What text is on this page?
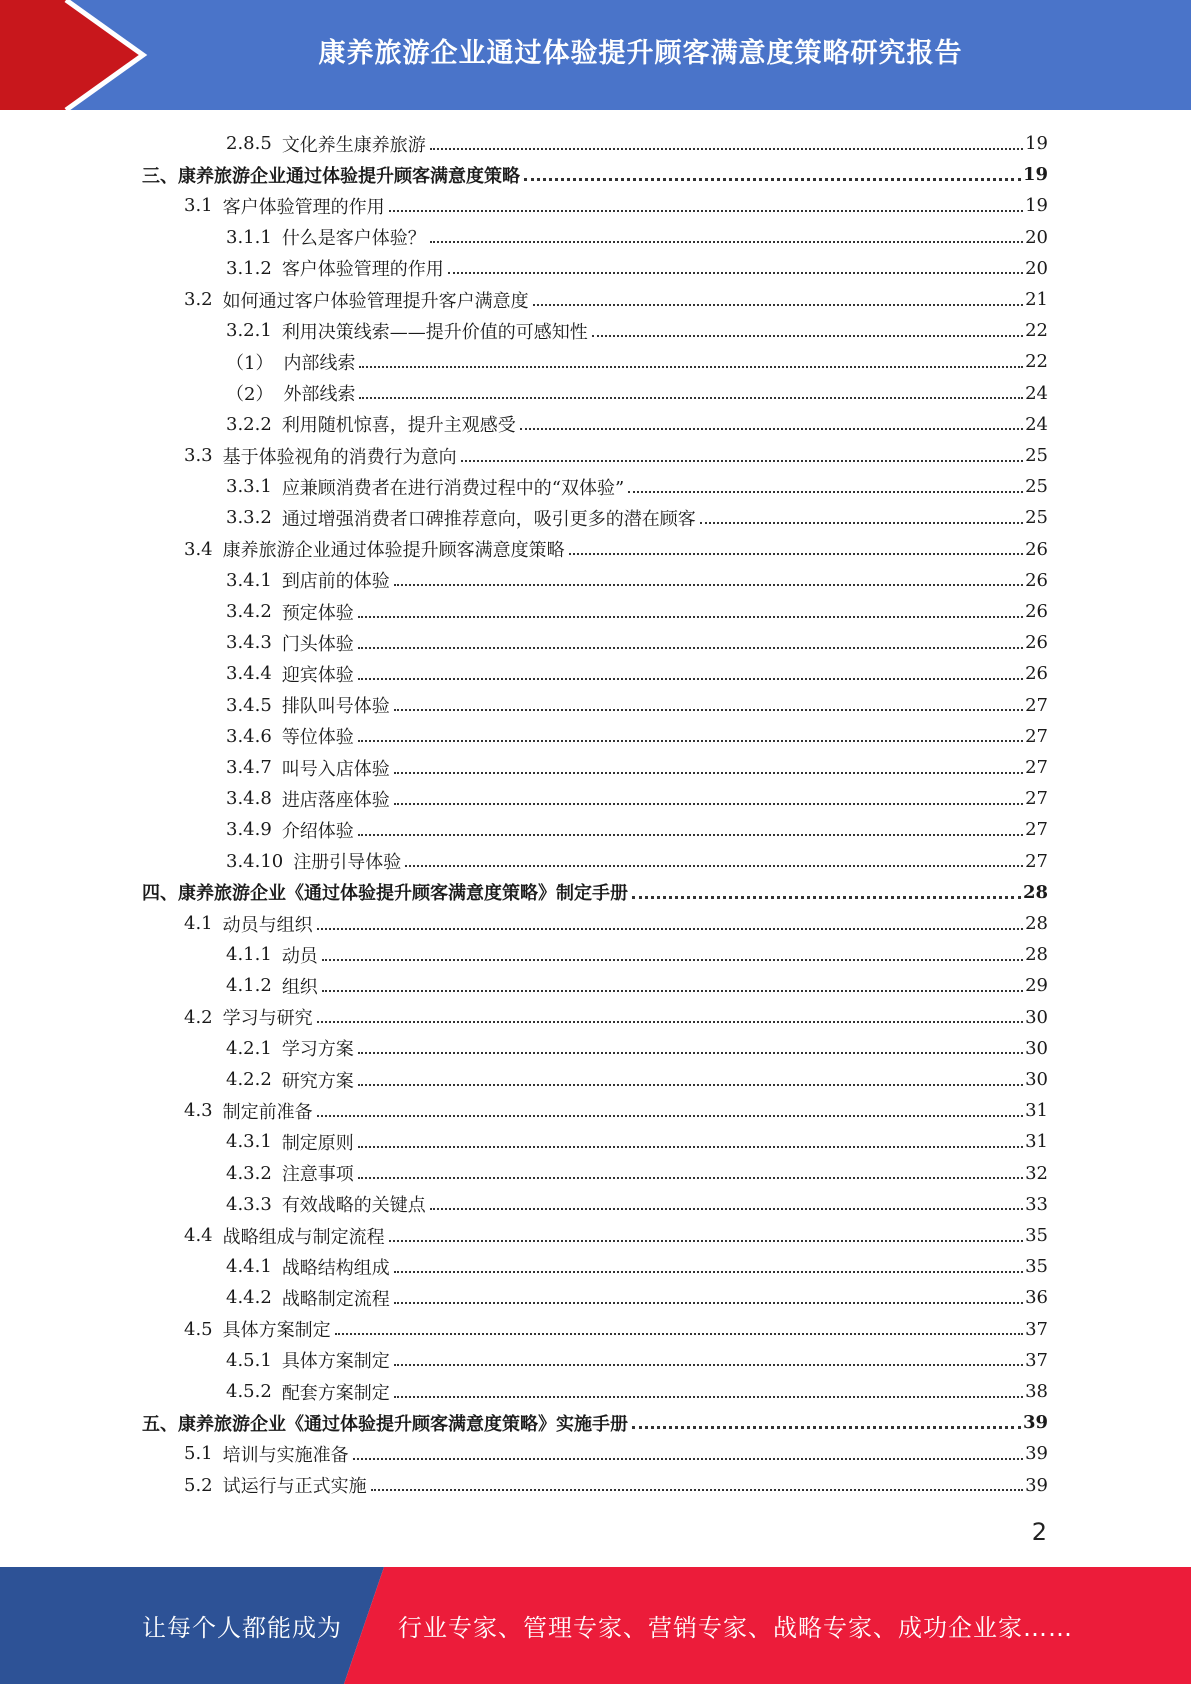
康养旅游企业通过体验提升顾客满意度策略研究报告
2.8.5 文化养生康养旅游	19
三、康养旅游企业通过体验提升顾客满意度策略	19
3.1 客户体验管理的作用	19
3.1.1 什么是客户体验？	20
3.1.2 客户体验管理的作用	20
3.2 如何通过客户体验管理提升客户满意度	21
3.2.1 利用决策线索——提升价值的可感知性	22
（1） 内部线索	22
（2） 外部线索	24
3.2.2 利用随机惊喜，提升主观感受	24
3.3 基于体验视角的消费行为意向	25
3.3.1 应兼顾消费者在进行消费过程中的“双体验”	25
3.3.2 通过增强消费者口碑推荐意向，吸引更多的潜在顾客	25
3.4 康养旅游企业通过体验提升顾客满意度策略	26
3.4.1 到店前的体验	26
3.4.2 预定体验	26
3.4.3 门头体验	26
3.4.4 迎宾体验	26
3.4.5 排队叫号体验	27
3.4.6 等位体验	27
3.4.7 叫号入店体验	27
3.4.8 进店落座体验	27
3.4.9 介绍体验	27
3.4.10 注册引导体验	27
四、康养旅游企业《通过体验提升顾客满意度策略》制定手册	28
4.1 动员与组织	28
4.1.1 动员	28
4.1.2 组织	29
4.2 学习与研究	30
4.2.1 学习方案	30
4.2.2 研究方案	30
4.3 制定前准备	31
4.3.1 制定原则	31
4.3.2 注意事项	32
4.3.3 有效战略的关键点	33
4.4 战略组成与制定流程	35
4.4.1 战略结构组成	35
4.4.2 战略制定流程	36
4.5 具体方案制定	37
4.5.1 具体方案制定	37
4.5.2 配套方案制定	38
五、康养旅游企业《通过体验提升顾客满意度策略》实施手册	39
5.1 培训与实施准备	39
5.2 试运行与正式实施	39
2
让每个人都能成为 行业专家、管理专家、营销专家、战略专家、成功企业家……
